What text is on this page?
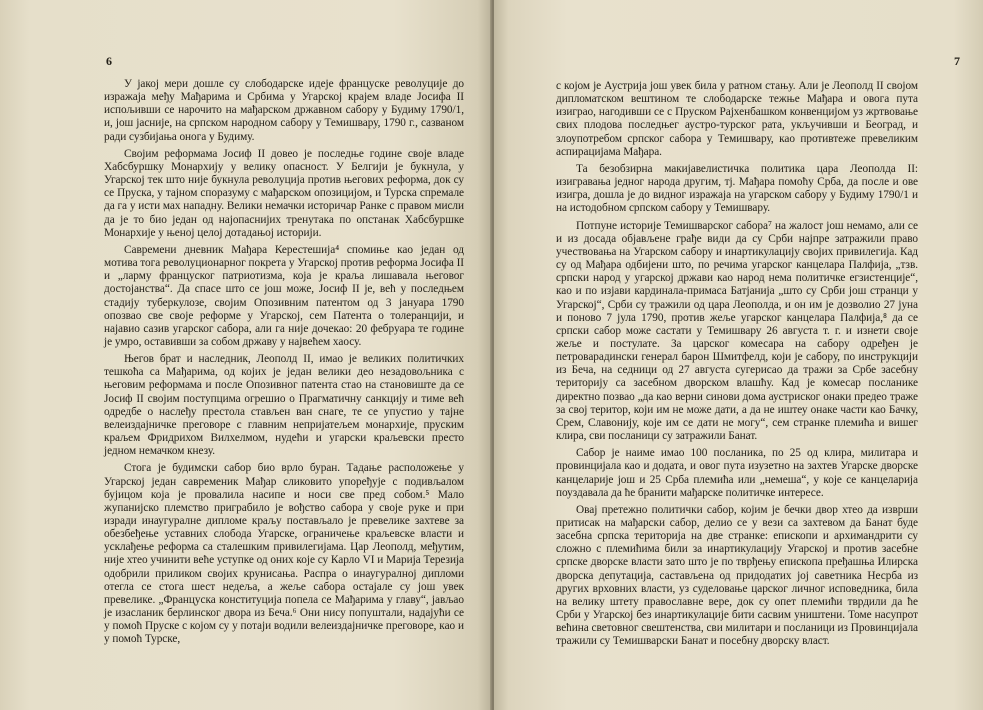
6

У јакој мери дошле су слободарске идеје француске револуције до изражаја међу Мађарима и Србима у Угарској крајем владе Јосифа II испољивши се нарочито на мађарском државном сабору у Будиму 1790/1, и, још јасније, на српском народном сабору у Темишвару, 1790 г., сазваном ради сузбијања онога у Будиму.

Својим реформама Јосиф II довео је последње године своје владе Хабсбуршку Монархију у велику опасност. У Белгији је букнула, у Угарској тек што није букнула револуција против његових реформа, док су се Пруска, у тајном споразуму с мађарском опозицијом, и Турска спремале да га у исти мах нападну. Велики немачки историчар Ранке с правом мисли да је то био један од најопаснијих тренутака по опстанак Хабсбуршке Монархије у њеној целој дотадањој историји.

Савремени дневник Мађара Керестешија⁴ спомиње као један од мотива тога револуционарног покрета у Угарској против реформа Јосифа II и „ларму француског патриотизма, која је краља лишавала његовог достојанства“. Да спасе што се још може, Јосиф II је, већ у последњем стадију туберкулозе, својим Опозивним патентом од 3 јануара 1790 опозвао све своје реформе у Угарској, сем Патента о толеранцији, и најавио сазив угарског сабора, али га није дочекао: 20 фебруара те године је умро, оставивши за собом државу у највећем хаосу.

Његов брат и наследник, Леополд II, имао је великих политичких тешкоћа са Мађарима, од којих је један велики део незадовољника с његовим реформама и после Опозивног патента стао на становиште да се Јосиф II својим поступцима огрешио о Прагматичну санкцију и тиме већ одредбе о наслеђу престола стављен ван снаге, те се упустио у тајне велеиздајничке преговоре с главним непријатељем монархије, пруским краљем Фридрихом Вилхелмом, нудећи и угарски краљевски престо једном немачком кнезу.

Стога је будимски сабор био врло буран. Тадање расположење у Угарској један савременик Мађар сликовито упоређује с подивљалом бујицом која је провалила насипе и носи све пред собом.⁵ Мало жупанијско племство приграбило је вођство сабора у своје руке и при изради инаугуралне дипломе краљу постављало је превелике захтеве за обезбеђење уставних слобода Угарске, ограничење краљевске власти и усклађење реформа са сталешким привилегијама. Цар Леополд, међутим, није хтео учинити веће уступке од оних које су Карло VI и Марија Терезија одобрили приликом својих крунисања. Распра о инаугуралној дипломи отегла се стога шест недеља, а жеље сабора остајале су још увек превелике. „Француска конституција попела се Мађарима у главу“, јављао је изасланик берлинског двора из Беча.⁶ Они нису попуштали, надајући се у помоћ Пруске с којом су у потаји водили велеиздајничке преговоре, као и у помоћ Турске,

7

с којом је Аустрија још увек била у ратном стању. Али је Леополд II својом дипломатском вештином те слободарске тежње Мађара и овога пута изиграо, нагодивши се с Пруском Рајхенбашком конвенцијом уз жртвовање свих плодова последњег аустро-турског рата, укључивши и Београд, и злоупотребом српског сабора у Темишвару, као противтеже превеликим аспирацијама Мађара.

Та безобзирна макијавелистичка политика цара Леополда II: изигравања једног народа другим, тј. Мађара помоћу Срба, да после и ове изигра, дошла је до видног изражаја на угарском сабору у Будиму 1790/1 и на истодобном српском сабору у Темишвару.

Потпуне историје Темишварског сабора⁷ на жалост још немамо, али се и из досада објављене грађе види да су Срби најпре затражили право учествовања на Угарском сабору и инартикулацију својих привилегија. Кад су од Мађара одбијени што, по речима угарског канцелара Палфија, „тзв. српски народ у угарској држави као народ нема политичке егзистенције“, као и по изјави кардинала-примаса Батјанија „што су Срби још странци у Угарској“, Срби су тражили од цара Леополда, и он им је дозволио 27 јуна и поново 7 јула 1790, против жеље угарског канцелара Палфија,⁸ да се српски сабор може састати у Темишвару 26 августа т. г. и изнети своје жеље и постулате. За царског комесара на сабору одређен је петроварадински генерал барон Шмитфелд, који је сабору, по инструкцији из Беча, на седници од 27 августа сугерисао да тражи за Србе засебну територију са засебном дворском влашћу. Кад је комесар посланике директно позвао „да као верни синови дома аустриског онаки предео траже за свој територ, који им не може дати, а да не иштеу онаке части као Бачку, Срем, Славонију, које им се дати не могу“, сем странке племића и вишег клира, сви посланици су затражили Банат.

Сабор је наиме имао 100 посланика, по 25 од клира, милитара и провинцијала као и додата, и овог пута изузетно на захтев Угарске дворске канцеларије још и 25 Срба племића или „немеша“, у које се канцеларија поуздавала да ће бранити мађарске политичке интересе.

Овај претежно политички сабор, којим је бечки двор хтео да изврши притисак на мађарски сабор, делио се у вези са захтевом да Банат буде засебна српска територија на две странке: епископи и архимандрити су сложно с племићима били за инартикулацију Угарској и против засебне српске дворске власти зато што је по тврђењу епископа пређашња Илирска дворска депутација, састављена од придодатих јој саветника Несрба из других врховних власти, уз суделовање царског личног исповедника, била на велику штету православне вере, док су опет племићи тврдили да ће Срби у Угарској без инартикулације бити сасвим уништени. Томе насупрот већина световног свештенства, сви милитари и посланици из Провинцијала тражили су Темишварски Банат и посебну дворску власт.
